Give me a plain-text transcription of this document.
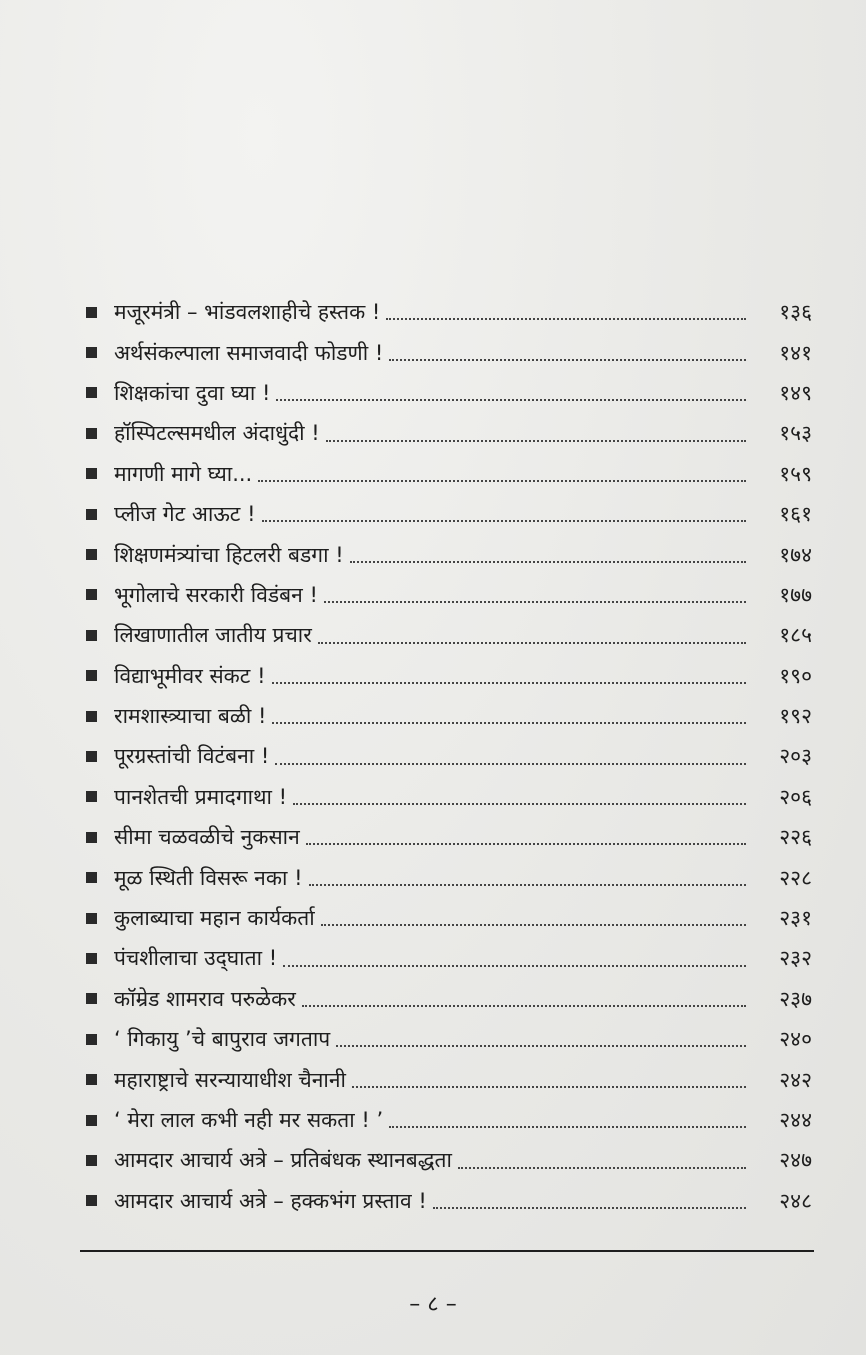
मजूरमंत्री – भांडवलशाहीचे हस्तक !	१३६
अर्थसंकल्पाला समाजवादी फोडणी !	१४१
शिक्षकांचा दुवा घ्या !	१४९
हॉस्पिटल्समधील अंदाधुंदी !	१५३
मागणी मागे घ्या...	१५९
प्लीज गेट आऊट !	१६१
शिक्षणमंत्र्यांचा हिटलरी बडगा !	१७४
भूगोलाचे सरकारी विडंबन !	१७७
लिखाणातील जातीय प्रचार	१८५
विद्याभूमीवर संकट !	१९०
रामशास्त्र्याचा बळी !	१९२
पूरग्रस्तांची विटंबना !	२०३
पानशेतची प्रमादगाथा !	२०६
सीमा चळवळीचे नुकसान	२२६
मूळ स्थिती विसरू नका !	२२८
कुलाब्याचा महान कार्यकर्ता	२३१
पंचशीलाचा उद्‌घाता !	२३२
कॉम्रेड शामराव परुळेकर	२३७
‘ गिकायु ’चे बापुराव जगताप	२४०
महाराष्ट्राचे सरन्यायाधीश चैनानी	२४२
‘ मेरा लाल कभी नही मर सकता ! ’	२४४
आमदार आचार्य अत्रे – प्रतिबंधक स्थानबद्धता	२४७
आमदार आचार्य अत्रे – हक्कभंग प्रस्ताव !	२४८
– ८ –
